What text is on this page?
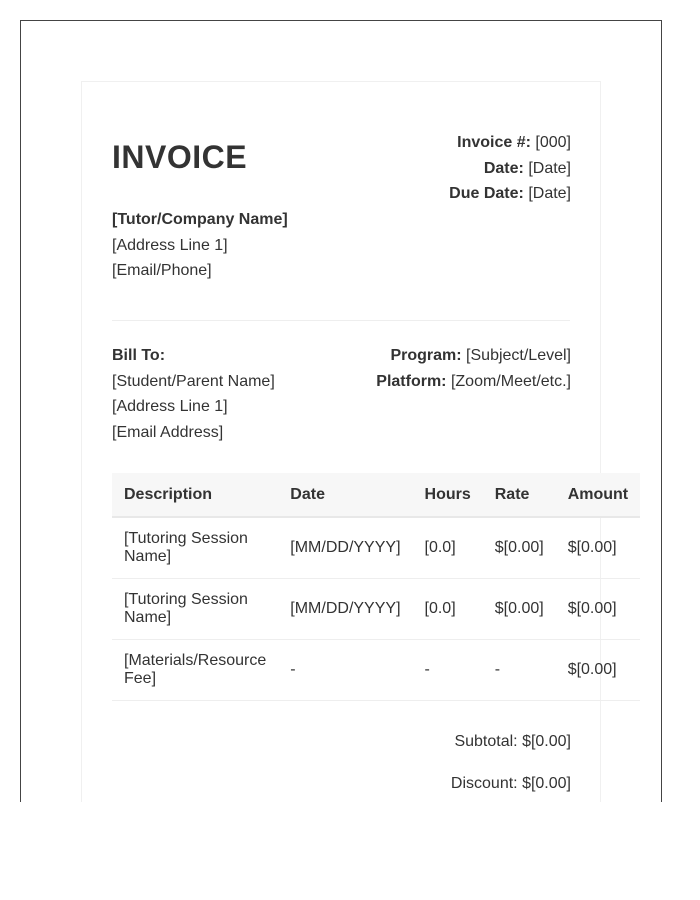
INVOICE	Invoice #: [000]
Date: [Date]
Due Date: [Date]
[Tutor/Company Name]
[Address Line 1]
[Email/Phone]
Bill To:
[Student/Parent Name]
[Address Line 1]
[Email Address]
Program: [Subject/Level]
Platform: [Zoom/Meet/etc.]
Description	Date	Hours	Rate	Amount
[Tutoring Session Name]	[MM/DD/YYYY]	[0.0]	$[0.00]	$[0.00]
[Tutoring Session Name]	[MM/DD/YYYY]	[0.0]	$[0.00]	$[0.00]
[Materials/Resource Fee]	-	-	-	$[0.00]
Subtotal: $[0.00]
Discount: $[0.00]
